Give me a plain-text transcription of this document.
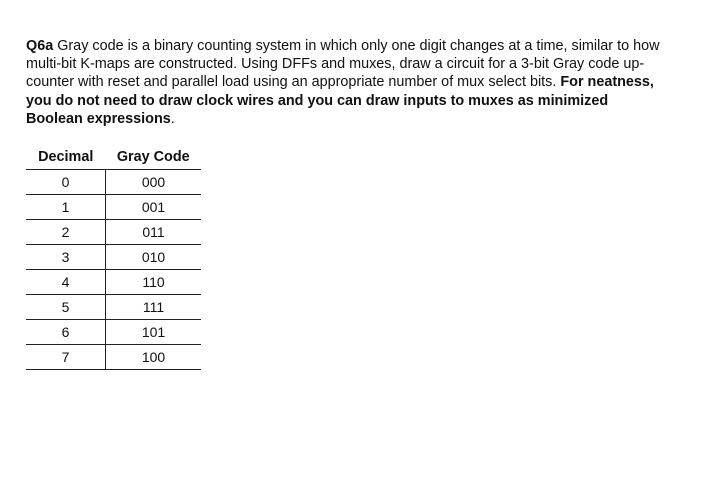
Q6a Gray code is a binary counting system in which only one digit changes at a time, similar to how multi-bit K-maps are constructed. Using DFFs and muxes, draw a circuit for a 3-bit Gray code up-counter with reset and parallel load using an appropriate number of mux select bits. For neatness, you do not need to draw clock wires and you can draw inputs to muxes as minimized Boolean expressions.

Decimal	Gray Code
0	000
1	001
2	011
3	010
4	110
5	111
6	101
7	100
